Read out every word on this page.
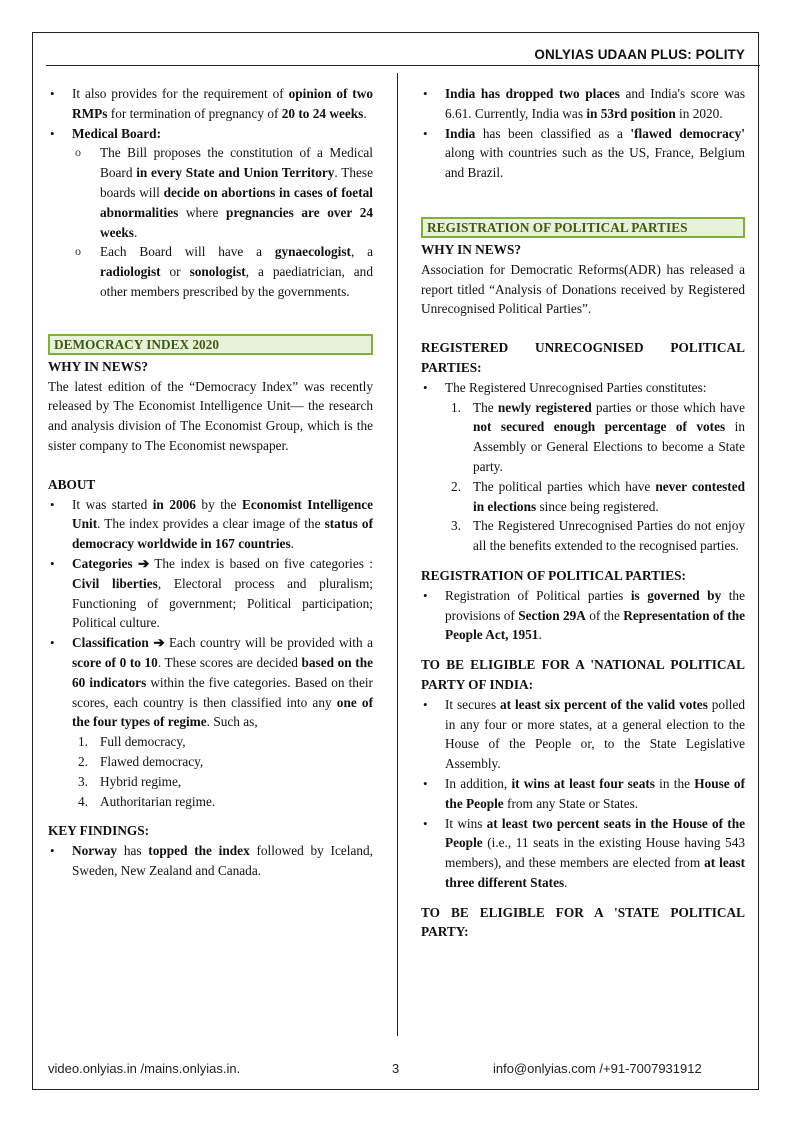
ONLYIAS UDAAN PLUS: POLITY
• It also provides for the requirement of opinion of two RMPs for termination of pregnancy of 20 to 24 weeks.
• Medical Board:
o The Bill proposes the constitution of a Medical Board in every State and Union Territory. These boards will decide on abortions in cases of foetal abnormalities where pregnancies are over 24 weeks.
o Each Board will have a gynaecologist, a radiologist or sonologist, a paediatrician, and other members prescribed by the governments.
DEMOCRACY INDEX 2020
WHY IN NEWS?
The latest edition of the “Democracy Index” was recently released by The Economist Intelligence Unit— the research and analysis division of The Economist Group, which is the sister company to The Economist newspaper.
ABOUT
• It was started in 2006 by the Economist Intelligence Unit. The index provides a clear image of the status of democracy worldwide in 167 countries.
• Categories ➔ The index is based on five categories : Civil liberties, Electoral process and pluralism; Functioning of government; Political participation; Political culture.
• Classification ➔ Each country will be provided with a score of 0 to 10. These scores are decided based on the 60 indicators within the five categories. Based on their scores, each country is then classified into any one of the four types of regime. Such as,
1. Full democracy,
2. Flawed democracy,
3. Hybrid regime,
4. Authoritarian regime.
KEY FINDINGS:
• Norway has topped the index followed by Iceland, Sweden, New Zealand and Canada.
• India has dropped two places and India's score was 6.61. Currently, India was in 53rd position in 2020.
• India has been classified as a 'flawed democracy' along with countries such as the US, France, Belgium and Brazil.
REGISTRATION OF POLITICAL PARTIES
WHY IN NEWS?
Association for Democratic Reforms(ADR) has released a report titled “Analysis of Donations received by Registered Unrecognised Political Parties”.
REGISTERED UNRECOGNISED POLITICAL PARTIES:
• The Registered Unrecognised Parties constitutes:
1. The newly registered parties or those which have not secured enough percentage of votes in Assembly or General Elections to become a State party.
2. The political parties which have never contested in elections since being registered.
3. The Registered Unrecognised Parties do not enjoy all the benefits extended to the recognised parties.
REGISTRATION OF POLITICAL PARTIES:
• Registration of Political parties is governed by the provisions of Section 29A of the Representation of the People Act, 1951.
TO BE ELIGIBLE FOR A 'NATIONAL POLITICAL PARTY OF INDIA:
• It secures at least six percent of the valid votes polled in any four or more states, at a general election to the House of the People or, to the State Legislative Assembly.
• In addition, it wins at least four seats in the House of the People from any State or States.
• It wins at least two percent seats in the House of the People (i.e., 11 seats in the existing House having 543 members), and these members are elected from at least three different States.
TO BE ELIGIBLE FOR A 'STATE POLITICAL PARTY:
video.onlyias.in /mains.onlyias.in.	3	info@onlyias.com /+91-7007931912
